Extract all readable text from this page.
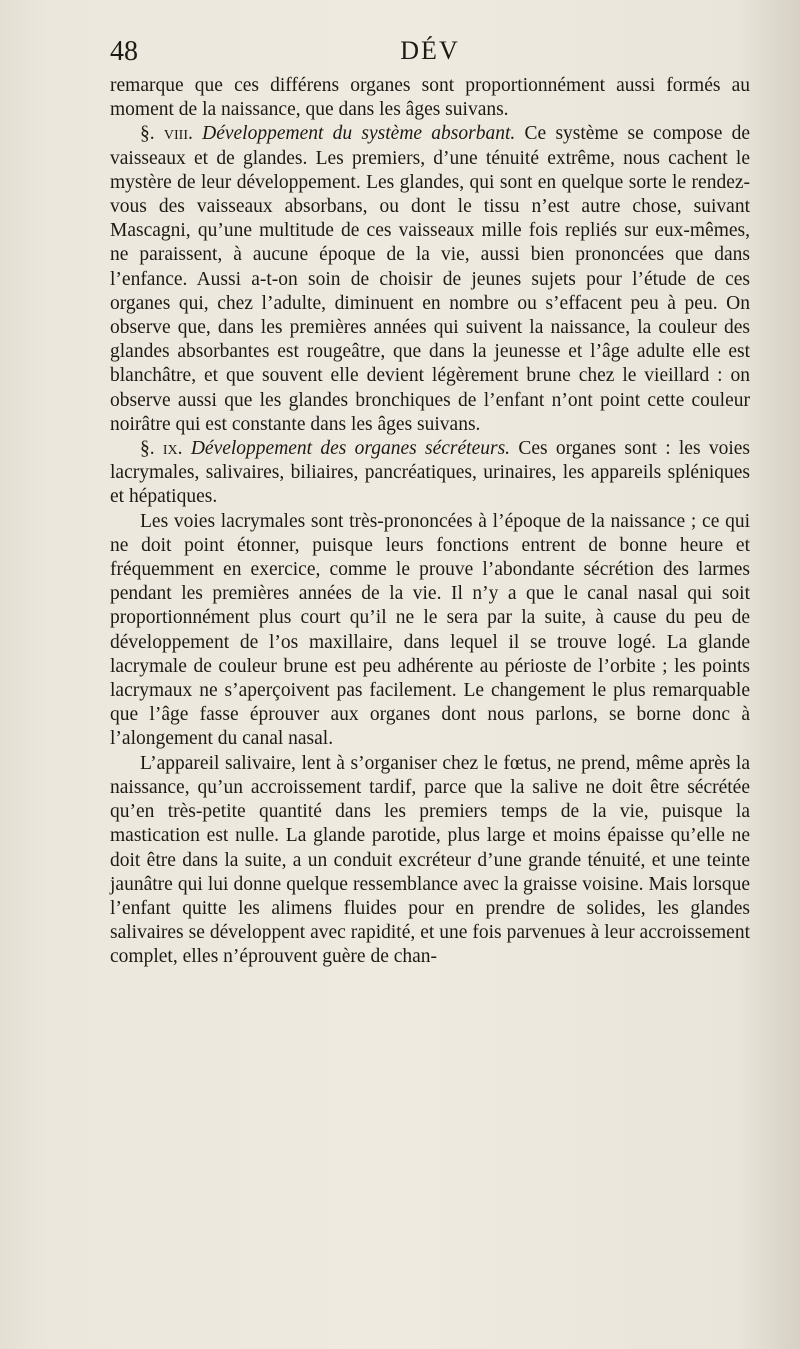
48	DÉV

remarque que ces différens organes sont proportionnément aussi formés au moment de la naissance, que dans les âges suivans.

§. viii. Développement du système absorbant. Ce système se compose de vaisseaux et de glandes. Les premiers, d’une ténuité extrême, nous cachent le mystère de leur développement. Les glandes, qui sont en quelque sorte le rendez-vous des vaisseaux absorbans, ou dont le tissu n’est autre chose, suivant Mascagni, qu’une multitude de ces vaisseaux mille fois repliés sur eux-mêmes, ne paraissent, à aucune époque de la vie, aussi bien prononcées que dans l’enfance. Aussi a-t-on soin de choisir de jeunes sujets pour l’étude de ces organes qui, chez l’adulte, diminuent en nombre ou s’effacent peu à peu. On observe que, dans les premières années qui suivent la naissance, la couleur des glandes absorbantes est rougeâtre, que dans la jeunesse et l’âge adulte elle est blanchâtre, et que souvent elle devient légèrement brune chez le vieillard : on observe aussi que les glandes bronchiques de l’enfant n’ont point cette couleur noirâtre qui est constante dans les âges suivans.

§. ix. Développement des organes sécréteurs. Ces organes sont : les voies lacrymales, salivaires, biliaires, pancréatiques, urinaires, les appareils spléniques et hépatiques.

Les voies lacrymales sont très-prononcées à l’époque de la naissance ; ce qui ne doit point étonner, puisque leurs fonctions entrent de bonne heure et fréquemment en exercice, comme le prouve l’abondante sécrétion des larmes pendant les premières années de la vie. Il n’y a que le canal nasal qui soit proportionnément plus court qu’il ne le sera par la suite, à cause du peu de développement de l’os maxillaire, dans lequel il se trouve logé. La glande lacrymale de couleur brune est peu adhérente au périoste de l’orbite ; les points lacrymaux ne s’aperçoivent pas facilement. Le changement le plus remarquable que l’âge fasse éprouver aux organes dont nous parlons, se borne donc à l’alongement du canal nasal.

L’appareil salivaire, lent à s’organiser chez le fœtus, ne prend, même après la naissance, qu’un accroissement tardif, parce que la salive ne doit être sécrétée qu’en très-petite quantité dans les premiers temps de la vie, puisque la mastication est nulle. La glande parotide, plus large et moins épaisse qu’elle ne doit être dans la suite, a un conduit excréteur d’une grande ténuité, et une teinte jaunâtre qui lui donne quelque ressemblance avec la graisse voisine. Mais lorsque l’enfant quitte les alimens fluides pour en prendre de solides, les glandes salivaires se développent avec rapidité, et une fois parvenues à leur accroissement complet, elles n’éprouvent guère de chan-
